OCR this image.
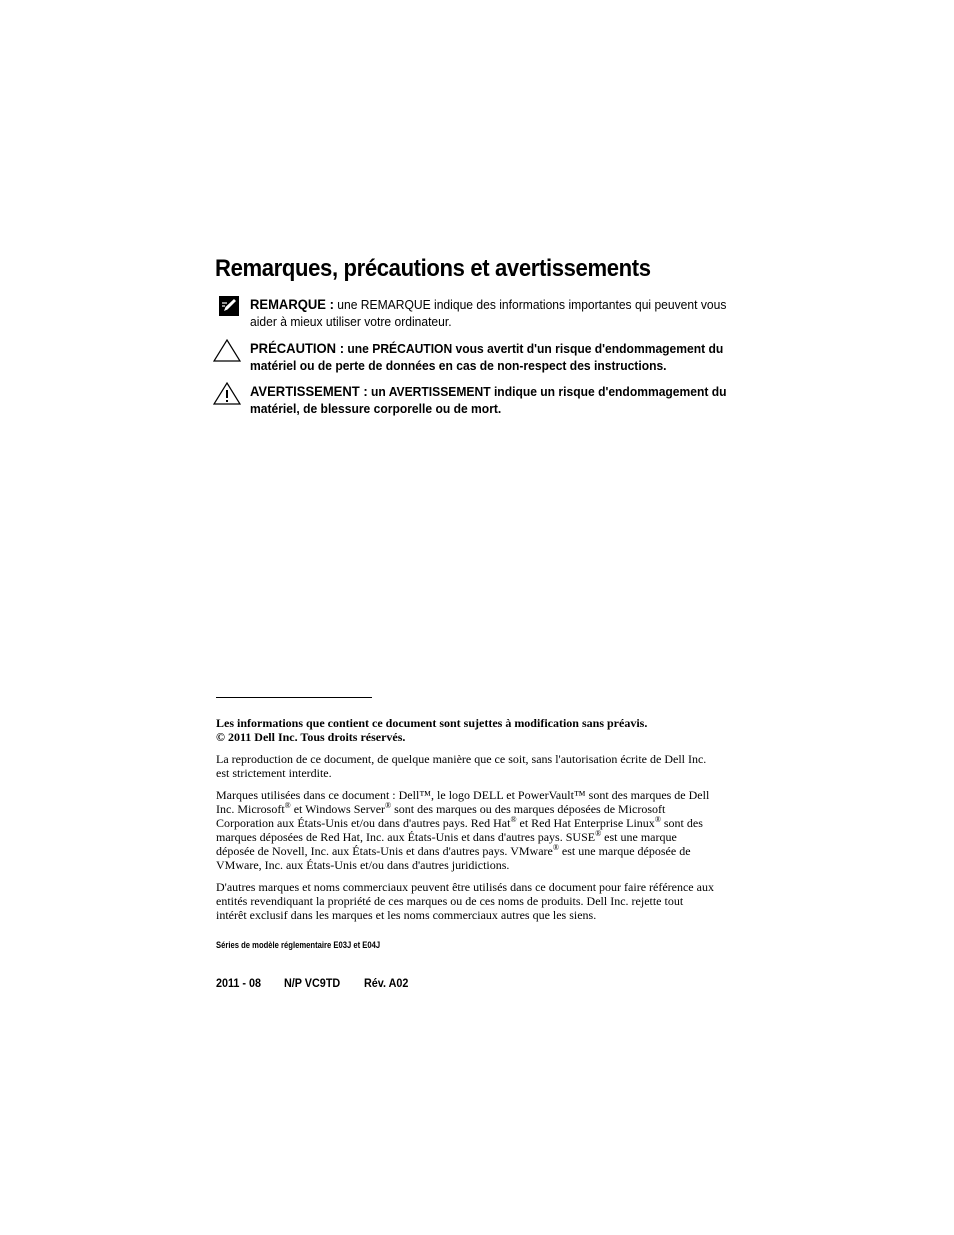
Remarques, précautions et avertissements
REMARQUE : une REMARQUE indique des informations importantes qui peuvent vous aider à mieux utiliser votre ordinateur.
PRÉCAUTION : une PRÉCAUTION vous avertit d'un risque d'endommagement du matériel ou de perte de données en cas de non-respect des instructions.
AVERTISSEMENT : un AVERTISSEMENT indique un risque d'endommagement du matériel, de blessure corporelle ou de mort.

Les informations que contient ce document sont sujettes à modification sans préavis.
© 2011 Dell Inc. Tous droits réservés.

La reproduction de ce document, de quelque manière que ce soit, sans l'autorisation écrite de Dell Inc. est strictement interdite.

Marques utilisées dans ce document : Dell™, le logo DELL et PowerVault™ sont des marques de Dell Inc. Microsoft® et Windows Server® sont des marques ou des marques déposées de Microsoft Corporation aux États-Unis et/ou dans d'autres pays. Red Hat® et Red Hat Enterprise Linux® sont des marques déposées de Red Hat, Inc. aux États-Unis et dans d'autres pays. SUSE® est une marque déposée de Novell, Inc. aux États-Unis et dans d'autres pays. VMware® est une marque déposée de VMware, Inc. aux États-Unis et/ou dans d'autres juridictions.

D'autres marques et noms commerciaux peuvent être utilisés dans ce document pour faire référence aux entités revendiquant la propriété de ces marques ou de ces noms de produits. Dell Inc. rejette tout intérêt exclusif dans les marques et les noms commerciaux autres que les siens.

Séries de modèle réglementaire E03J et E04J
2011 - 08 N/P VC9TD Rév. A02
